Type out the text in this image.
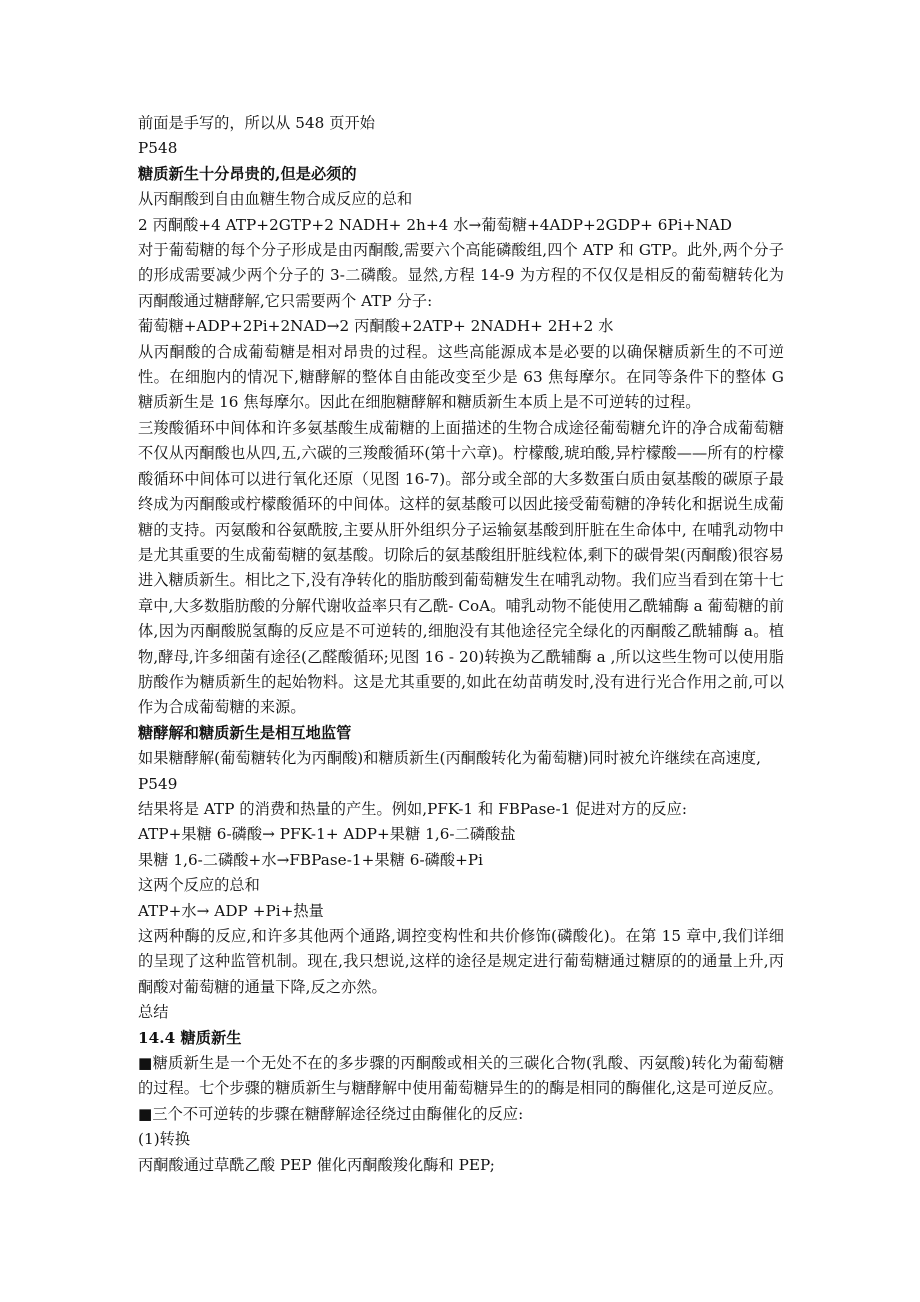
前面是手写的，所以从 548 页开始
P548
糖质新生十分昂贵的,但是必须的
从丙酮酸到自由血糖生物合成反应的总和
2 丙酮酸+4 ATP+2GTP+2 NADH+ 2h+4 水→葡萄糖+4ADP+2GDP+ 6Pi+NAD
对于葡萄糖的每个分子形成是由丙酮酸,需要六个高能磷酸组,四个 ATP 和 GTP。此外,两个分子的形成需要减少两个分子的 3-二磷酸。显然,方程 14-9 为方程的不仅仅是相反的葡萄糖转化为丙酮酸通过糖酵解,它只需要两个 ATP 分子:
葡萄糖+ADP+2Pi+2NAD→2 丙酮酸+2ATP+ 2NADH+ 2H+2 水
从丙酮酸的合成葡萄糖是相对昂贵的过程。这些高能源成本是必要的以确保糖质新生的不可逆性。在细胞内的情况下,糖酵解的整体自由能改变至少是 63 焦每摩尔。在同等条件下的整体 G 糖质新生是 16 焦每摩尔。因此在细胞糖酵解和糖质新生本质上是不可逆转的过程。
三羧酸循环中间体和许多氨基酸生成葡糖的上面描述的生物合成途径葡萄糖允许的净合成葡萄糖不仅从丙酮酸也从四,五,六碳的三羧酸循环(第十六章)。柠檬酸,琥珀酸,异柠檬酸——所有的柠檬酸循环中间体可以进行氧化还原（见图 16-7)。部分或全部的大多数蛋白质由氨基酸的碳原子最终成为丙酮酸或柠檬酸循环的中间体。这样的氨基酸可以因此接受葡萄糖的净转化和据说生成葡糖的支持。丙氨酸和谷氨酰胺,主要从肝外组织分子运输氨基酸到肝脏在生命体中, 在哺乳动物中是尤其重要的生成葡萄糖的氨基酸。切除后的氨基酸组肝脏线粒体,剩下的碳骨架(丙酮酸)很容易进入糖质新生。相比之下,没有净转化的脂肪酸到葡萄糖发生在哺乳动物。我们应当看到在第十七章中,大多数脂肪酸的分解代谢收益率只有乙酰- CoA。哺乳动物不能使用乙酰辅酶 a 葡萄糖的前体,因为丙酮酸脱氢酶的反应是不可逆转的,细胞没有其他途径完全绿化的丙酮酸乙酰辅酶 a。植物,酵母,许多细菌有途径(乙醛酸循环;见图 16 - 20)转换为乙酰辅酶 a ,所以这些生物可以使用脂肪酸作为糖质新生的起始物料。这是尤其重要的,如此在幼苗萌发时,没有进行光合作用之前,可以作为合成葡萄糖的来源。
糖酵解和糖质新生是相互地监管
如果糖酵解(葡萄糖转化为丙酮酸)和糖质新生(丙酮酸转化为葡萄糖)同时被允许继续在高速度,
P549
结果将是 ATP 的消费和热量的产生。例如,PFK-1 和 FBPase-1 促进对方的反应:
ATP+果糖 6-磷酸→ PFK-1+ ADP+果糖 1,6-二磷酸盐
果糖 1,6-二磷酸+水→FBPase-1+果糖 6-磷酸+Pi
这两个反应的总和
ATP+水→ ADP +Pi+热量
这两种酶的反应,和许多其他两个通路,调控变构性和共价修饰(磷酸化)。在第 15 章中,我们详细的呈现了这种监管机制。现在,我只想说,这样的途径是规定进行葡萄糖通过糖原的的通量上升,丙酮酸对葡萄糖的通量下降,反之亦然。
总结
14.4 糖质新生
■糖质新生是一个无处不在的多步骤的丙酮酸或相关的三碳化合物(乳酸、丙氨酸)转化为葡萄糖的过程。七个步骤的糖质新生与糖酵解中使用葡萄糖异生的的酶是相同的酶催化,这是可逆反应。
■三个不可逆转的步骤在糖酵解途径绕过由酶催化的反应:
(1)转换
丙酮酸通过草酰乙酸 PEP 催化丙酮酸羧化酶和 PEP;
